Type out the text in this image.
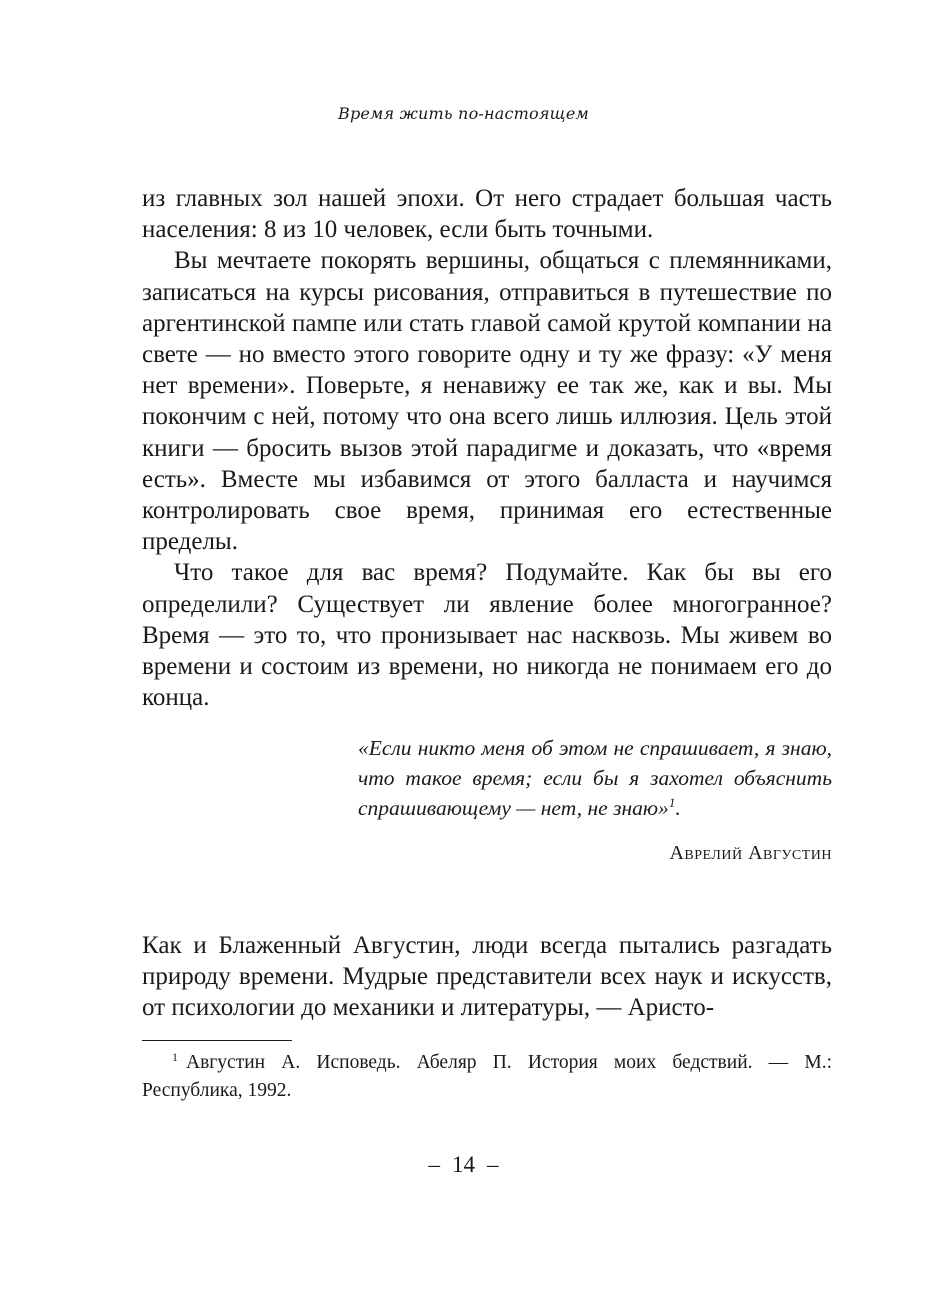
Время жить по-настоящем

из главных зол нашей эпохи. От него страдает большая часть населения: 8 из 10 человек, если быть точными.

Вы мечтаете покорять вершины, общаться с племянниками, записаться на курсы рисования, отправиться в путешествие по аргентинской пампе или стать главой самой крутой компании на свете — но вместо этого говорите одну и ту же фразу: «У меня нет времени». Поверьте, я ненавижу ее так же, как и вы. Мы покончим с ней, потому что она всего лишь иллюзия. Цель этой книги — бросить вызов этой парадигме и доказать, что «время есть». Вместе мы избавимся от этого балласта и научимся контролировать свое время, принимая его естественные пределы.

Что такое для вас время? Подумайте. Как бы вы его определили? Существует ли явление более многогранное? Время — это то, что пронизывает нас насквозь. Мы живем во времени и состоим из времени, но никогда не понимаем его до конца.

«Если никто меня об этом не спрашивает, я знаю, что такое время; если бы я захотел объяснить спрашивающему — нет, не знаю»$^1$.
Аврелий Августин

Как и Блаженный Августин, люди всегда пытались разгадать природу времени. Мудрые представители всех наук и искусств, от психологии до механики и литературы, — Аристо-

$^1$ Августин А. Исповедь. Абеляр П. История моих бедствий. — М.: Республика, 1992.
– 14 –
